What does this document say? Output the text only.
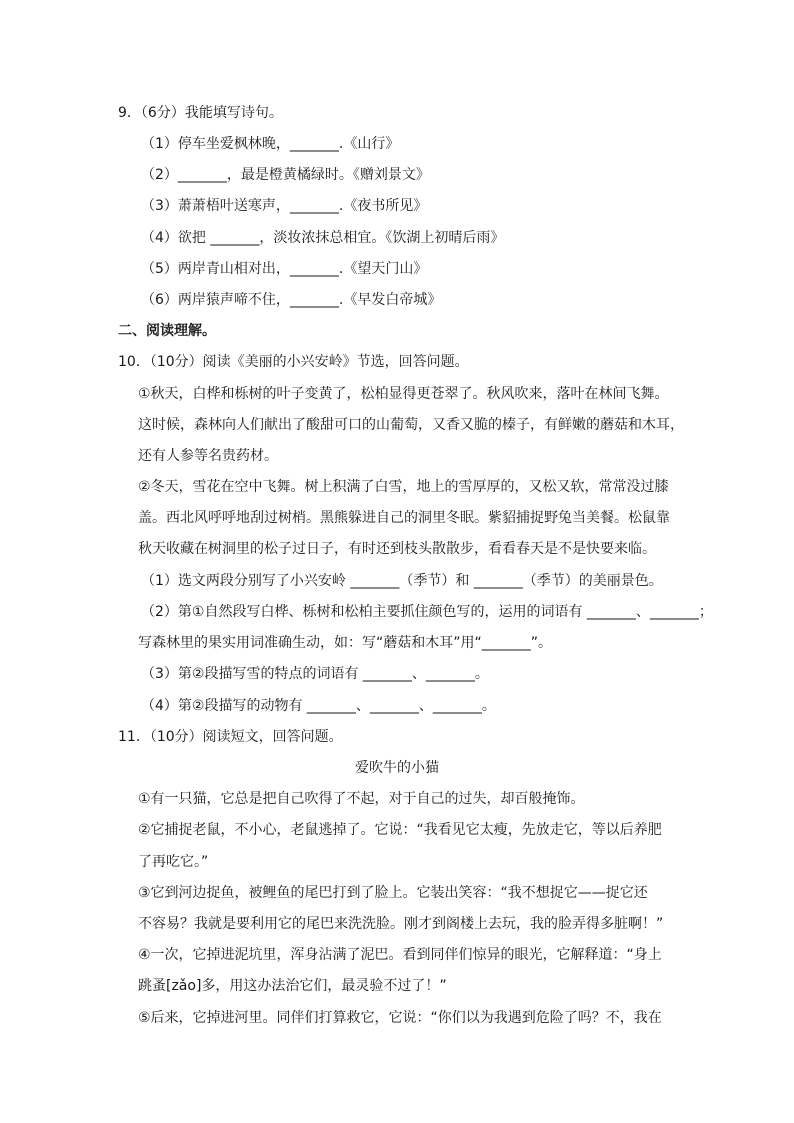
9．（6分）我能填写诗句。
（1）停车坐爱枫林晚，_______.《山行》
（2）_______，最是橙黄橘绿时。《赠刘景文》
（3）萧萧梧叶送寒声，_______.《夜书所见》
（4）欲把 _______，淡妆浓抹总相宜。《饮湖上初晴后雨》
（5）两岸青山相对出，_______.《望天门山》
（6）两岸猿声啼不住，_______.《早发白帝城》
二、阅读理解。
10．（10分）阅读《美丽的小兴安岭》节选，回答问题。
①秋天，白桦和栎树的叶子变黄了，松柏显得更苍翠了。秋风吹来，落叶在林间飞舞。
这时候，森林向人们献出了酸甜可口的山葡萄，又香又脆的榛子，有鲜嫩的蘑菇和木耳，
还有人参等名贵药材。
②冬天，雪花在空中飞舞。树上积满了白雪，地上的雪厚厚的，又松又软，常常没过膝
盖。西北风呼呼地刮过树梢。黑熊躲进自己的洞里冬眠。紫貂捕捉野兔当美餐。松鼠靠
秋天收藏在树洞里的松子过日子，有时还到枝头散散步，看看春天是不是快要来临。
（1）选文两段分别写了小兴安岭 _______（季节）和 _______（季节）的美丽景色。
（2）第①自然段写白桦、栎树和松柏主要抓住颜色写的，运用的词语有 _______、_______；
写森林里的果实用词准确生动，如：写“蘑菇和木耳”用“_______”。
（3）第②段描写雪的特点的词语有 _______、_______。
（4）第②段描写的动物有 _______、_______、_______。
11．（10分）阅读短文，回答问题。
爱吹牛的小猫
①有一只猫，它总是把自己吹得了不起，对于自己的过失，却百般掩饰。
②它捕捉老鼠，不小心，老鼠逃掉了。它说：“我看见它太瘦，先放走它，等以后养肥
了再吃它。”
③它到河边捉鱼，被鲤鱼的尾巴打到了脸上。它装出笑容：“我不想捉它——捉它还
不容易？我就是要利用它的尾巴来洗洗脸。刚才到阁楼上去玩，我的脸弄得多脏啊！”
④一次，它掉进泥坑里，浑身沾满了泥巴。看到同伴们惊异的眼光，它解释道：“身上
跳蚤[zǎo]多，用这办法治它们，最灵验不过了！”
⑤后来，它掉进河里。同伴们打算救它，它说：“你们以为我遇到危险了吗？不，我在
